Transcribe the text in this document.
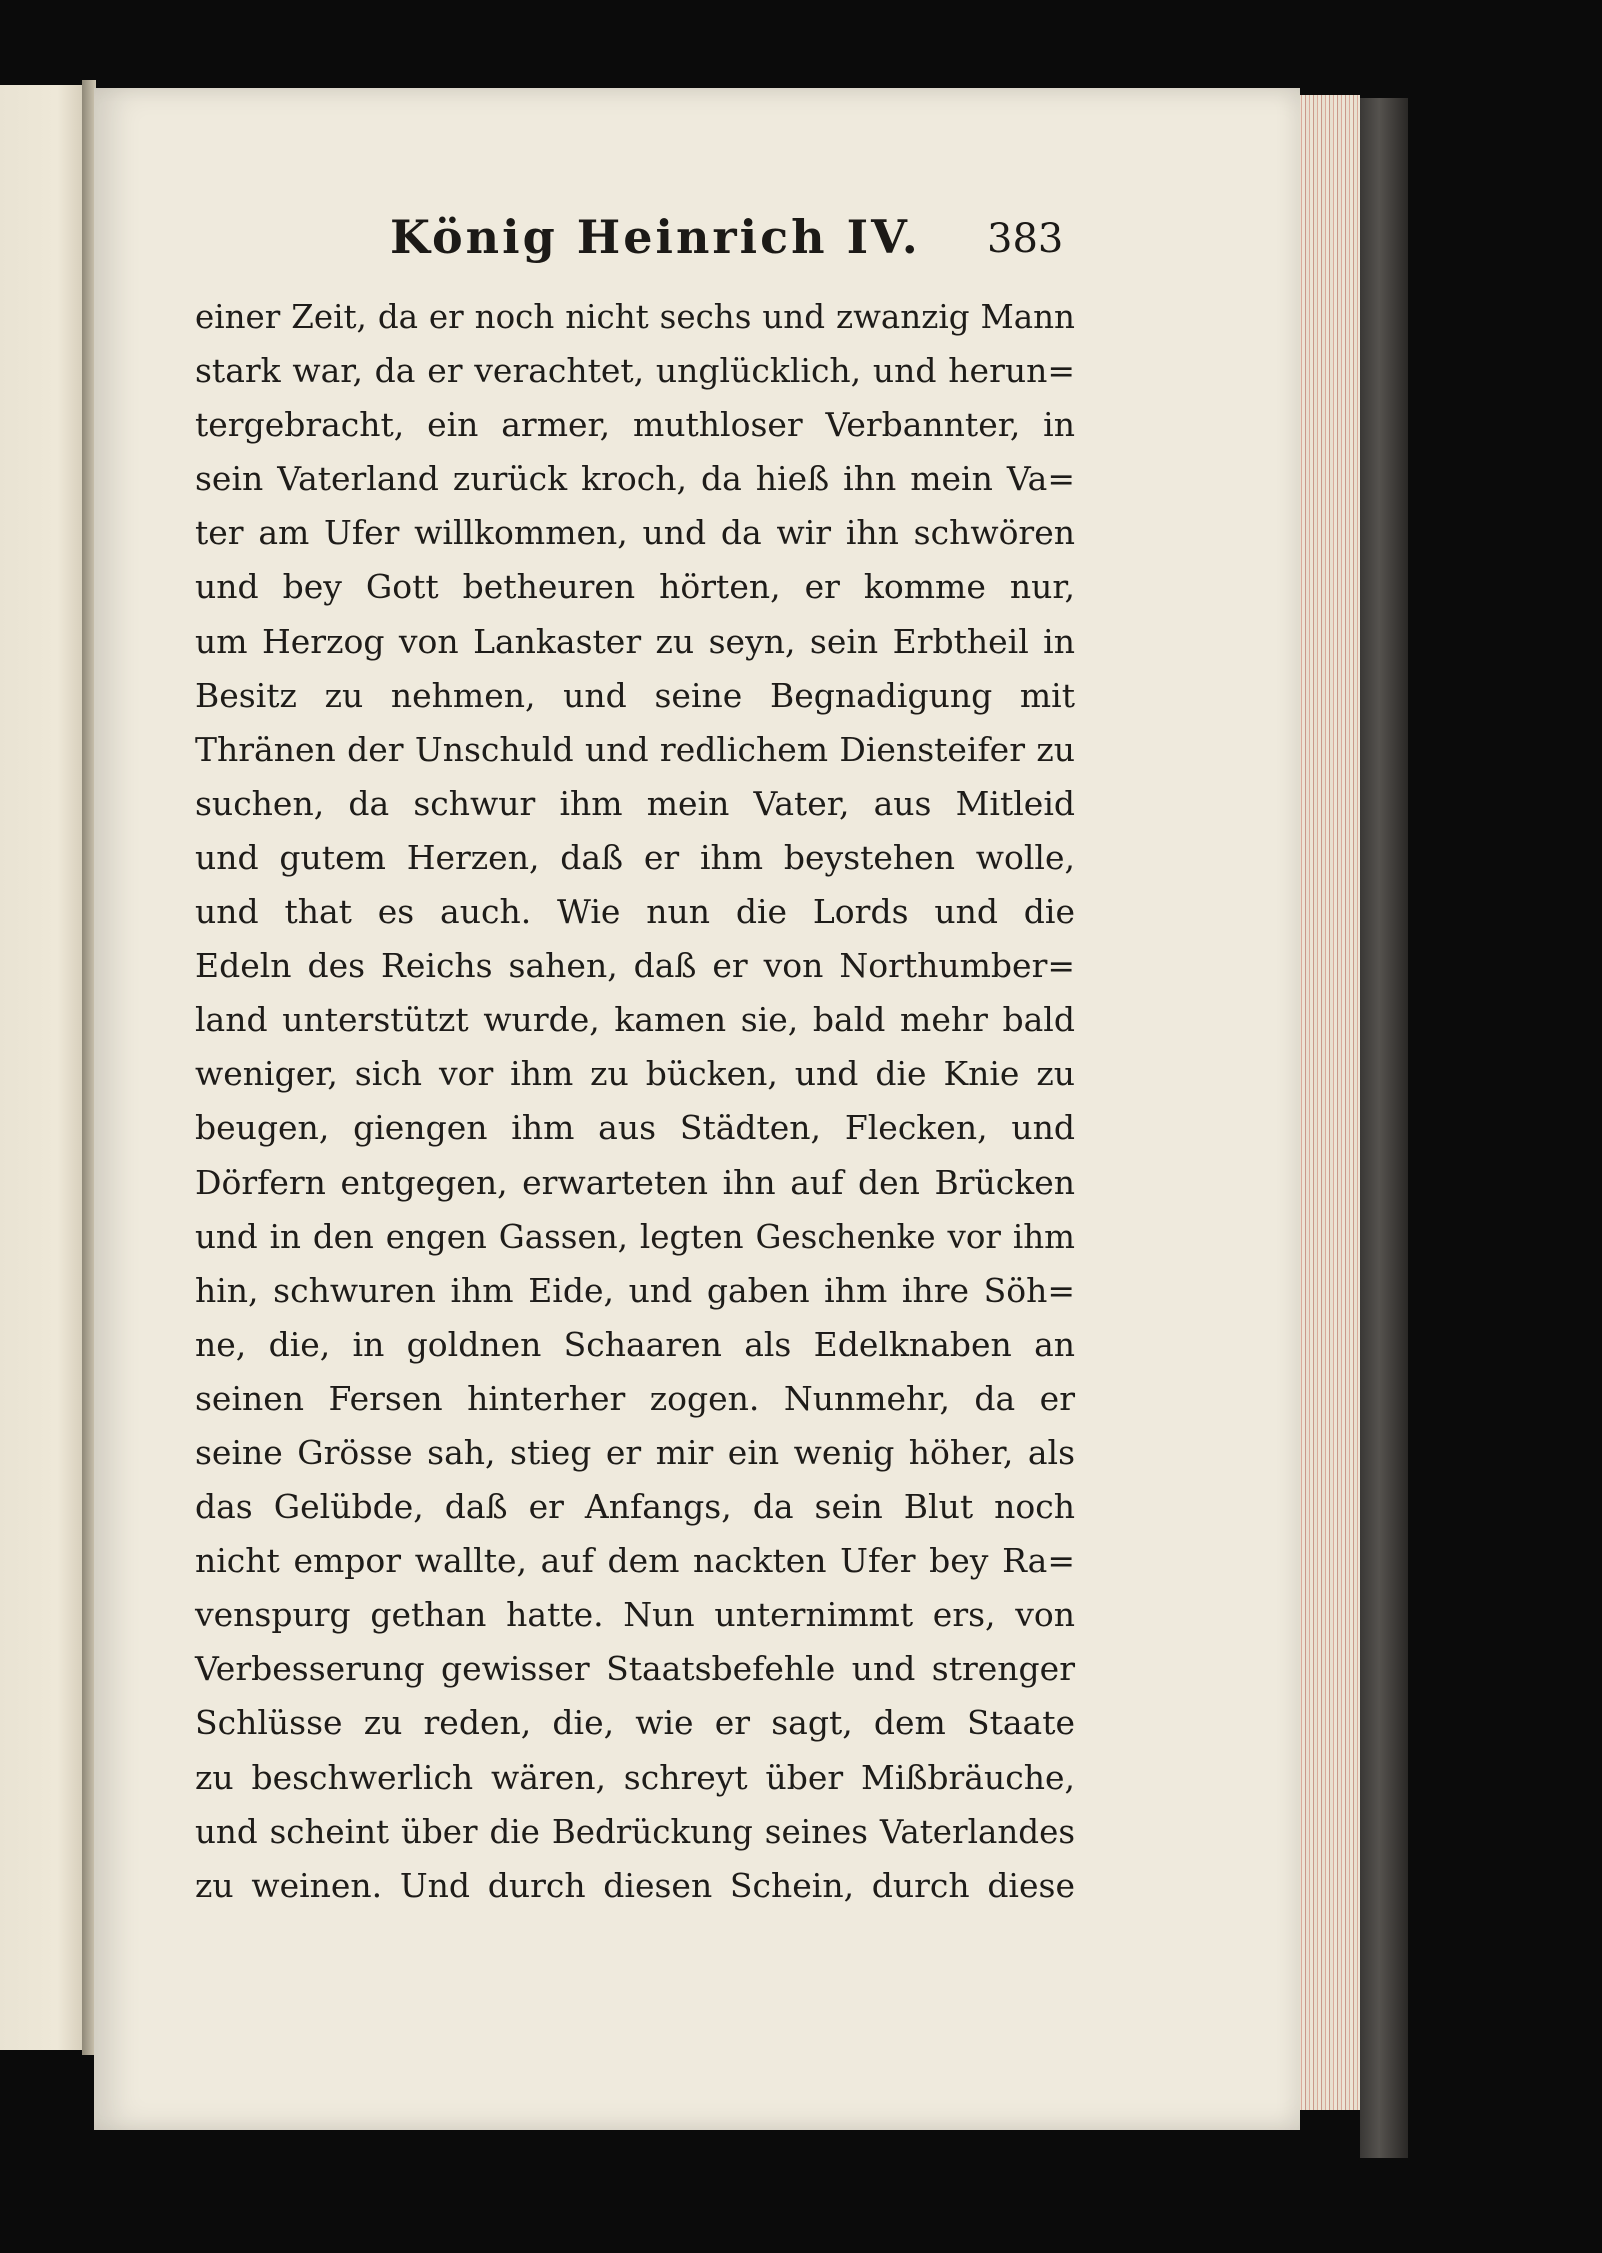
König Heinrich IV. 383
einer Zeit, da er noch nicht sechs und zwanzig Mann
stark war, da er verachtet, unglücklich, und herun=
tergebracht, ein armer, muthloser Verbannter, in
sein Vaterland zurück kroch, da hieß ihn mein Va=
ter am Ufer willkommen, und da wir ihn schwören
und bey Gott betheuren hörten, er komme nur,
um Herzog von Lankaster zu seyn, sein Erbtheil in
Besitz zu nehmen, und seine Begnadigung mit
Thränen der Unschuld und redlichem Diensteifer zu
suchen, da schwur ihm mein Vater, aus Mitleid
und gutem Herzen, daß er ihm beystehen wolle,
und that es auch. Wie nun die Lords und die
Edeln des Reichs sahen, daß er von Northumber=
land unterstützt wurde, kamen sie, bald mehr bald
weniger, sich vor ihm zu bücken, und die Knie zu
beugen, giengen ihm aus Städten, Flecken, und
Dörfern entgegen, erwarteten ihn auf den Brücken
und in den engen Gassen, legten Geschenke vor ihm
hin, schwuren ihm Eide, und gaben ihm ihre Söh=
ne, die, in goldnen Schaaren als Edelknaben an
seinen Fersen hinterher zogen. Nunmehr, da er
seine Grösse sah, stieg er mir ein wenig höher, als
das Gelübde, daß er Anfangs, da sein Blut noch
nicht empor wallte, auf dem nackten Ufer bey Ra=
venspurg gethan hatte. Nun unternimmt ers, von
Verbesserung gewisser Staatsbefehle und strenger
Schlüsse zu reden, die, wie er sagt, dem Staate
zu beschwerlich wären, schreyt über Mißbräuche,
und scheint über die Bedrückung seines Vaterlandes
zu weinen. Und durch diesen Schein, durch diese
